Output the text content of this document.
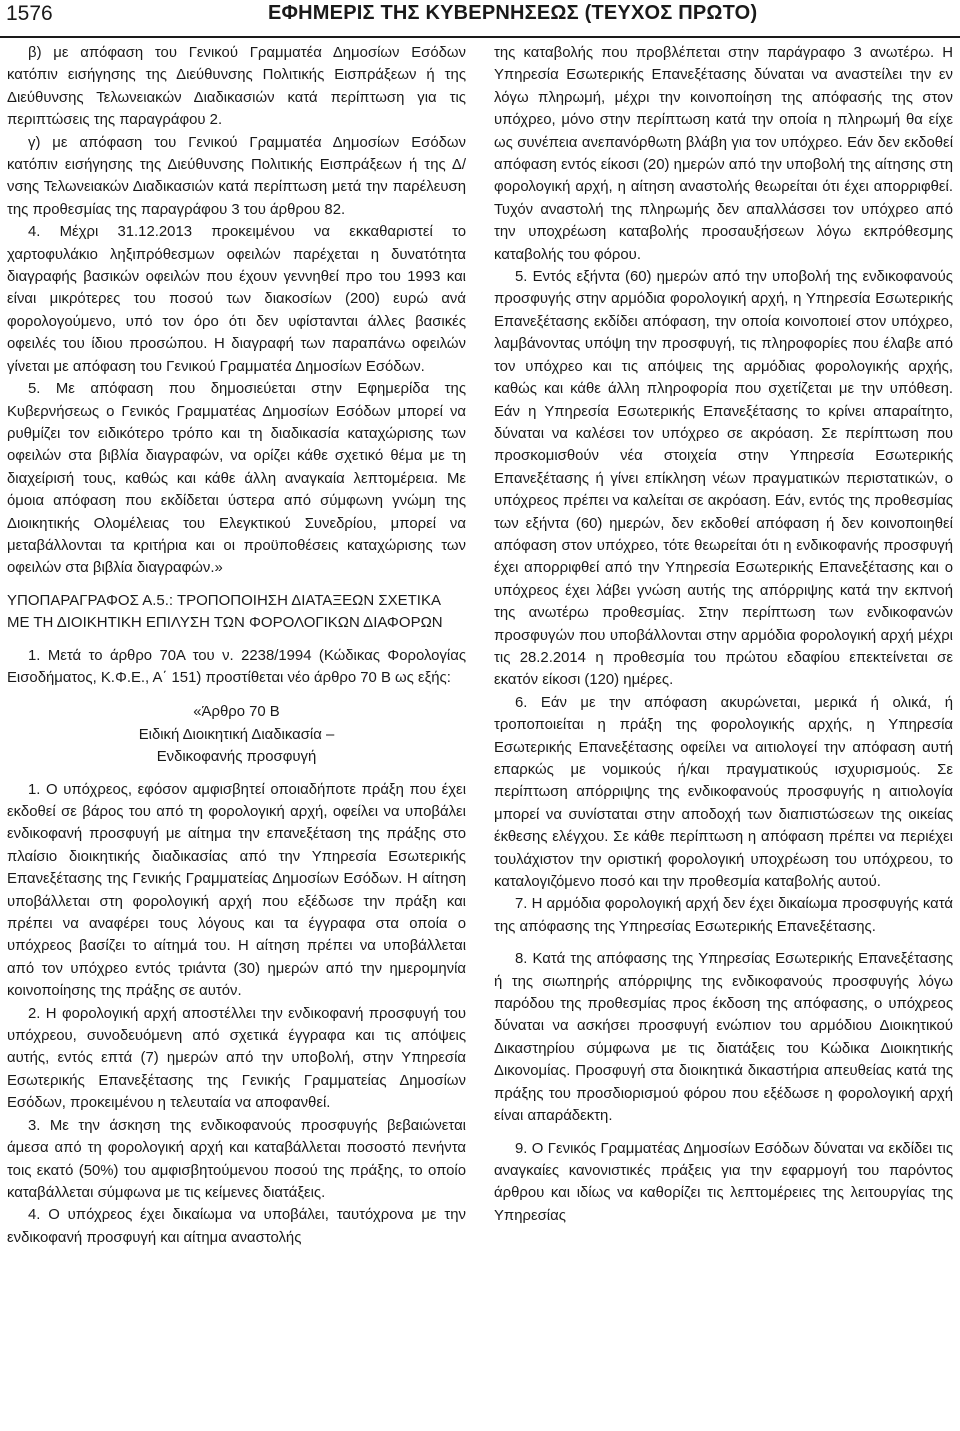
1576	ΕΦΗΜΕΡΙΣ ΤΗΣ ΚΥΒΕΡΝΗΣΕΩΣ (ΤΕΥΧΟΣ ΠΡΩΤΟ)

β) με απόφαση του Γενικού Γραμματέα Δημοσίων Εσόδων κατόπιν εισήγησης της Διεύθυνσης Πολιτικής Εισπράξεων ή της Διεύθυνσης Τελωνειακών Διαδικασιών κατά περίπτωση για τις περιπτώσεις της παραγράφου 2.

γ) με απόφαση του Γενικού Γραμματέα Δημοσίων Εσόδων κατόπιν εισήγησης της Διεύθυνσης Πολιτικής Εισπράξεων ή της Δ/νσης Τελωνειακών Διαδικασιών κατά περίπτωση μετά την παρέλευση της προθεσμίας της παραγράφου 3 του άρθρου 82.

4. Μέχρι 31.12.2013 προκειμένου να εκκαθαριστεί το χαρτοφυλάκιο ληξιπρόθεσμων οφειλών παρέχεται η δυνατότητα διαγραφής βασικών οφειλών που έχουν γεννηθεί προ του 1993 και είναι μικρότερες του ποσού των διακοσίων (200) ευρώ ανά φορολογούμενο, υπό τον όρο ότι δεν υφίστανται άλλες βασικές οφειλές του ίδιου προσώπου. Η διαγραφή των παραπάνω οφειλών γίνεται με απόφαση του Γενικού Γραμματέα Δημοσίων Εσόδων.

5. Με απόφαση που δημοσιεύεται στην Εφημερίδα της Κυβερνήσεως ο Γενικός Γραμματέας Δημοσίων Εσόδων μπορεί να ρυθμίζει τον ειδικότερο τρόπο και τη διαδικασία καταχώρισης των οφειλών στα βιβλία διαγραφών, να ορίζει κάθε σχετικό θέμα με τη διαχείρισή τους, καθώς και κάθε άλλη αναγκαία λεπτομέρεια. Με όμοια απόφαση που εκδίδεται ύστερα από σύμφωνη γνώμη της Διοικητικής Ολομέλειας του Ελεγκτικού Συνεδρίου, μπορεί να μεταβάλλονται τα κριτήρια και οι προϋποθέσεις καταχώρισης των οφειλών στα βιβλία διαγραφών.»

ΥΠΟΠΑΡΑΓΡΑΦΟΣ Α.5.: ΤΡΟΠΟΠΟΙΗΣΗ ΔΙΑΤΑΞΕΩΝ ΣΧΕΤΙΚΑ ΜΕ ΤΗ ΔΙΟΙΚΗΤΙΚΗ ΕΠΙΛΥΣΗ ΤΩΝ ΦΟΡΟΛΟΓΙΚΩΝ ΔΙΑΦΟΡΩΝ

1. Μετά το άρθρο 70Α του ν. 2238/1994 (Κώδικας Φορολογίας Εισοδήματος, Κ.Φ.Ε., Α΄ 151) προστίθεται νέο άρθρο 70 Β ως εξής:

«Άρθρο 70 Β
Ειδική Διοικητική Διαδικασία –
Ενδικοφανής προσφυγή

1. Ο υπόχρεος, εφόσον αμφισβητεί οποιαδήποτε πράξη που έχει εκδοθεί σε βάρος του από τη φορολογική αρχή, οφείλει να υποβάλει ενδικοφανή προσφυγή με αίτημα την επανεξέταση της πράξης στο πλαίσιο διοικητικής διαδικασίας από την Υπηρεσία Εσωτερικής Επανεξέτασης της Γενικής Γραμματείας Δημοσίων Εσόδων. Η αίτηση υποβάλλεται στη φορολογική αρχή που εξέδωσε την πράξη και πρέπει να αναφέρει τους λόγους και τα έγγραφα στα οποία ο υπόχρεος βασίζει το αίτημά του. Η αίτηση πρέπει να υποβάλλεται από τον υπόχρεο εντός τριάντα (30) ημερών από την ημερομηνία κοινοποίησης της πράξης σε αυτόν.

2. Η φορολογική αρχή αποστέλλει την ενδικοφανή προσφυγή του υπόχρεου, συνοδευόμενη από σχετικά έγγραφα και τις απόψεις αυτής, εντός επτά (7) ημερών από την υποβολή, στην Υπηρεσία Εσωτερικής Επανεξέτασης της Γενικής Γραμματείας Δημοσίων Εσόδων, προκειμένου η τελευταία να αποφανθεί.

3. Με την άσκηση της ενδικοφανούς προσφυγής βεβαιώνεται άμεσα από τη φορολογική αρχή και καταβάλλεται ποσοστό πενήντα τοις εκατό (50%) του αμφισβητούμενου ποσού της πράξης, το οποίο καταβάλλεται σύμφωνα με τις κείμενες διατάξεις.

4. Ο υπόχρεος έχει δικαίωμα να υποβάλει, ταυτόχρονα με την ενδικοφανή προσφυγή και αίτημα αναστολής

της καταβολής που προβλέπεται στην παράγραφο 3 ανωτέρω. Η Υπηρεσία Εσωτερικής Επανεξέτασης δύναται να αναστείλει την εν λόγω πληρωμή, μέχρι την κοινοποίηση της απόφασής της στον υπόχρεο, μόνο στην περίπτωση κατά την οποία η πληρωμή θα είχε ως συνέπεια ανεπανόρθωτη βλάβη για τον υπόχρεο. Εάν δεν εκδοθεί απόφαση εντός είκοσι (20) ημερών από την υποβολή της αίτησης στη φορολογική αρχή, η αίτηση αναστολής θεωρείται ότι έχει απορριφθεί. Τυχόν αναστολή της πληρωμής δεν απαλλάσσει τον υπόχρεο από την υποχρέωση καταβολής προσαυξήσεων λόγω εκπρόθεσμης καταβολής του φόρου.

5. Εντός εξήντα (60) ημερών από την υποβολή της ενδικοφανούς προσφυγής στην αρμόδια φορολογική αρχή, η Υπηρεσία Εσωτερικής Επανεξέτασης εκδίδει απόφαση, την οποία κοινοποιεί στον υπόχρεο, λαμβάνοντας υπόψη την προσφυγή, τις πληροφορίες που έλαβε από τον υπόχρεο και τις απόψεις της αρμόδιας φορολογικής αρχής, καθώς και κάθε άλλη πληροφορία που σχετίζεται με την υπόθεση. Εάν η Υπηρεσία Εσωτερικής Επανεξέτασης το κρίνει απαραίτητο, δύναται να καλέσει τον υπόχρεο σε ακρόαση. Σε περίπτωση που προσκομισθούν νέα στοιχεία στην Υπηρεσία Εσωτερικής Επανεξέτασης ή γίνει επίκληση νέων πραγματικών περιστατικών, ο υπόχρεος πρέπει να καλείται σε ακρόαση. Εάν, εντός της προθεσμίας των εξήντα (60) ημερών, δεν εκδοθεί απόφαση ή δεν κοινοποιηθεί απόφαση στον υπόχρεο, τότε θεωρείται ότι η ενδικοφανής προσφυγή έχει απορριφθεί από την Υπηρεσία Εσωτερικής Επανεξέτασης και ο υπόχρεος έχει λάβει γνώση αυτής της απόρριψης κατά την εκπνοή της ανωτέρω προθεσμίας. Στην περίπτωση των ενδικοφανών προσφυγών που υποβάλλονται στην αρμόδια φορολογική αρχή μέχρι τις 28.2.2014 η προθεσμία του πρώτου εδαφίου επεκτείνεται σε εκατόν είκοσι (120) ημέρες.

6. Εάν με την απόφαση ακυρώνεται, μερικά ή ολικά, ή τροποποιείται η πράξη της φορολογικής αρχής, η Υπηρεσία Εσωτερικής Επανεξέτασης οφείλει να αιτιολογεί την απόφαση αυτή επαρκώς με νομικούς ή/και πραγματικούς ισχυρισμούς. Σε περίπτωση απόρριψης της ενδικοφανούς προσφυγής η αιτιολογία μπορεί να συνίσταται στην αποδοχή των διαπιστώσεων της οικείας έκθεσης ελέγχου. Σε κάθε περίπτωση η απόφαση πρέπει να περιέχει τουλάχιστον την οριστική φορολογική υποχρέωση του υπόχρεου, το καταλογιζόμενο ποσό και την προθεσμία καταβολής αυτού.

7. Η αρμόδια φορολογική αρχή δεν έχει δικαίωμα προσφυγής κατά της απόφασης της Υπηρεσίας Εσωτερικής Επανεξέτασης.

8. Κατά της απόφασης της Υπηρεσίας Εσωτερικής Επανεξέτασης ή της σιωπηρής απόρριψης της ενδικοφανούς προσφυγής λόγω παρόδου της προθεσμίας προς έκδοση της απόφασης, ο υπόχρεος δύναται να ασκήσει προσφυγή ενώπιον του αρμόδιου Διοικητικού Δικαστηρίου σύμφωνα με τις διατάξεις του Κώδικα Διοικητικής Δικονομίας. Προσφυγή στα διοικητικά δικαστήρια απευθείας κατά της πράξης του προσδιορισμού φόρου που εξέδωσε η φορολογική αρχή είναι απαράδεκτη.

9. Ο Γενικός Γραμματέας Δημοσίων Εσόδων δύναται να εκδίδει τις αναγκαίες κανονιστικές πράξεις για την εφαρμογή του παρόντος άρθρου και ιδίως να καθορίζει τις λεπτομέρειες της λειτουργίας της Υπηρεσίας
